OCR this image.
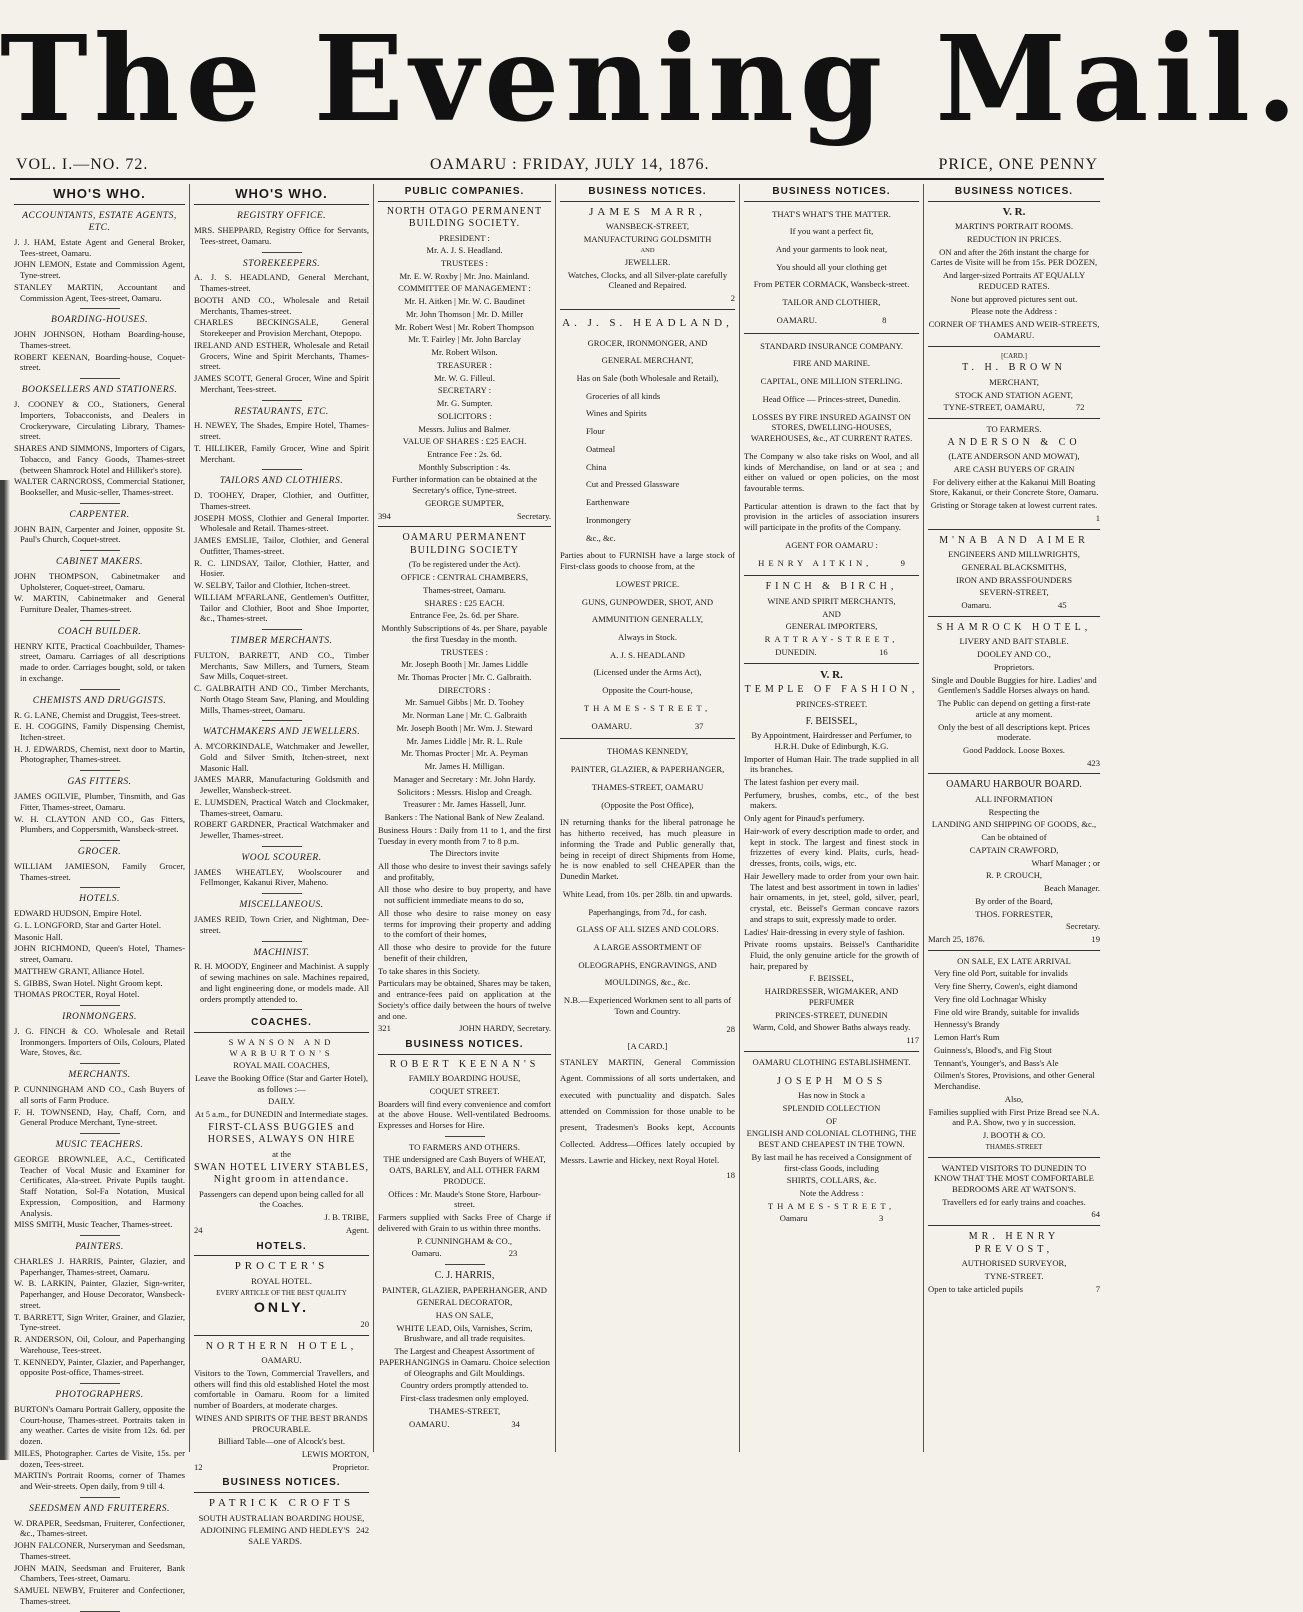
The Evening Mail.
VOL. I.—NO. 72.	OAMARU : FRIDAY, JULY 14, 1876.	PRICE, ONE PENNY
WHO'S WHO.
ACCOUNTANTS, ESTATE AGENTS, ETC.
J. J. HAM, Estate Agent and General Broker, Tees-street, Oamaru.
JOHN LEMON, Estate and Commission Agent, Tyne-street.
STANLEY MARTIN, Accountant and Commission Agent, Tees-street, Oamaru.
BOARDING-HOUSES.
JOHN JOHNSON, Hotham Boarding-house, Thames-street.
ROBERT KEENAN, Boarding-house, Coquet-street.
BOOKSELLERS AND STATIONERS.
J. COONEY & CO., Stationers, General Importers, Tobacconists, and Dealers in Crockeryware, Circulating Library, Thames-street.
SHARES AND SIMMONS, Importers of Cigars, Tobacco, and Fancy Goods, Thames-street (between Shamrock Hotel and Hilliker's store).
WALTER CARNCROSS, Commercial Stationer, Bookseller, and Music-seller, Thames-street.
CARPENTER.
JOHN BAIN, Carpenter and Joiner, opposite St. Paul's Church, Coquet-street.
CABINET MAKERS.
JOHN THOMPSON, Cabinetmaker and Upholsterer, Coquet-street, Oamaru.
W. MARTIN, Cabinetmaker and General Furniture Dealer, Thames-street.
COACH BUILDER.
HENRY KITE, Practical Coachbuilder, Thames-street, Oamaru. Carriages of all descriptions made to order. Carriages bought, sold, or taken in exchange.
CHEMISTS AND DRUGGISTS.
R. G. LANE, Chemist and Druggist, Tees-street.
E. H. COGGINS, Family Dispensing Chemist, Itchen-street.
H. J. EDWARDS, Chemist, next door to Martin, Photographer, Thames-street.
GAS FITTERS.
JAMES OGILVIE, Plumber, Tinsmith, and Gas Fitter, Thames-street, Oamaru.
W. H. CLAYTON AND CO., Gas Fitters, Plumbers, and Coppersmith, Wansbeck-street.
GROCER.
WILLIAM JAMIESON, Family Grocer, Thames-street.
HOTELS.
EDWARD HUDSON, Empire Hotel.
G. L. LONGFORD, Star and Garter Hotel.
Masonic Hall.
JOHN RICHMOND, Queen's Hotel, Thames-street, Oamaru.
MATTHEW GRANT, Alliance Hotel.
S. GIBBS, Swan Hotel. Night Groom kept.
THOMAS PROCTER, Royal Hotel.
IRONMONGERS.
J. G. FINCH & CO. Wholesale and Retail Ironmongers. Importers of Oils, Colours, Plated Ware, Stoves, &c.
MERCHANTS.
P. CUNNINGHAM AND CO., Cash Buyers of all sorts of Farm Produce.
F. H. TOWNSEND, Hay, Chaff, Corn, and General Produce Merchant, Tyne-street.
MUSIC TEACHERS.
GEORGE BROWNLEE, A.C., Certificated Teacher of Vocal Music and Examiner for Certificates, Ala-street. Private Pupils taught. Staff Notation, Sol-Fa Notation, Musical Expression, Composition, and Harmony Analysis.
MISS SMITH, Music Teacher, Thames-street.
PAINTERS.
CHARLES J. HARRIS, Painter, Glazier, and Paperhanger, Thames-street, Oamaru.
W. B. LARKIN, Painter, Glazier, Sign-writer, Paperhanger, and House Decorator, Wansbeck-street.
T. BARRETT, Sign Writer, Grainer, and Glazier, Tyne-street.
R. ANDERSON, Oil, Colour, and Paperhanging Warehouse, Tees-street.
T. KENNEDY, Painter, Glazier, and Paperhanger, opposite Post-office, Thames-street.
PHOTOGRAPHERS.
BURTON's Oamaru Portrait Gallery, opposite the Court-house, Thames-street. Portraits taken in any weather. Cartes de visite from 12s. 6d. per dozen.
MILES, Photographer. Cartes de Visite, 15s. per dozen, Tees-street.
MARTIN's Portrait Rooms, corner of Thames and Weir-streets. Open daily, from 9 till 4.
SEEDSMEN AND FRUITERERS.
W. DRAPER, Seedsman, Fruiterer, Confectioner, &c., Thames-street.
JOHN FALCONER, Nurseryman and Seedsman, Thames-street.
JOHN MAIN, Seedsman and Fruiterer, Bank Chambers, Tees-street, Oamaru.
SAMUEL NEWBY, Fruiterer and Confectioner, Thames-street.
WHO'S WHO.
REGISTRY OFFICE.
MRS. SHEPPARD, Registry Office for Servants, Tees-street, Oamaru.
STOREKEEPERS.
A. J. S. HEADLAND, General Merchant, Thames-street.
BOOTH AND CO., Wholesale and Retail Merchants, Thames-street.
CHARLES BECKINGSALE, General Storekeeper and Provision Merchant, Otepopo.
IRELAND AND ESTHER, Wholesale and Retail Grocers, Wine and Spirit Merchants, Thames-street.
JAMES SCOTT, General Grocer, Wine and Spirit Merchant, Tees-street.
RESTAURANTS, ETC.
H. NEWEY, The Shades, Empire Hotel, Thames-street.
T. HILLIKER, Family Grocer, Wine and Spirit Merchant.
TAILORS AND CLOTHIERS.
D. TOOHEY, Draper, Clothier, and Outfitter, Thames-street.
JOSEPH MOSS, Clothier and General Importer. Wholesale and Retail. Thames-street.
JAMES EMSLIE, Tailor, Clothier, and General Outfitter, Thames-street.
R. C. LINDSAY, Tailor, Clothier, Hatter, and Hosier.
W. SELBY, Tailor and Clothier, Itchen-street.
WILLIAM M'FARLANE, Gentlemen's Outfitter, Tailor and Clothier, Boot and Shoe Importer, &c., Thames-street.
TIMBER MERCHANTS.
FULTON, BARRETT, AND CO., Timber Merchants, Saw Millers, and Turners, Steam Saw Mills, Coquet-street.
C. GALBRAITH AND CO., Timber Merchants, North Otago Steam Saw, Planing, and Moulding Mills, Thames-street, Oamaru.
WATCHMAKERS AND JEWELLERS.
A. M'CORKINDALE, Watchmaker and Jeweller, Gold and Silver Smith, Itchen-street, next Masonic Hall.
JAMES MARR, Manufacturing Goldsmith and Jeweller, Wansbeck-street.
E. LUMSDEN, Practical Watch and Clockmaker, Thames-street, Oamaru.
ROBERT GARDNER, Practical Watchmaker and Jeweller, Thames-street.
WOOL SCOURER.
JAMES WHEATLEY, Woolscourer and Fellmonger, Kakanui River, Maheno.
MISCELLANEOUS.
JAMES REID, Town Crier, and Nightman, Dee-street.
MACHINIST.
R. H. MOODY, Engineer and Machinist. A supply of sewing machines on sale. Machines repaired, and light engineering done, or models made. All orders promptly attended to.
COACHES.

SWANSON AND WARBURTON'S

ROYAL MAIL COACHES,

Leave the Booking Office (Star and Garter Hotel), as follows :—

DAILY.

At 5 a.m., for DUNEDIN and Intermediate stages.

FIRST-CLASS BUGGIES and HORSES, ALWAYS ON HIRE

at the

SWAN HOTEL LIVERY STABLES, Night groom in attendance.

Passengers can depend upon being called for all the Coaches.

J. B. TRIBE,

24	Agent.

HOTELS.

PROCTER'S

ROYAL HOTEL.

EVERY ARTICLE OF THE BEST QUALITY

ONLY.

20

NORTHERN HOTEL,

OAMARU.

Visitors to the Town, Commercial Travellers, and others will find this old established Hotel the most comfortable in Oamaru. Room for a limited number of Boarders, at moderate charges.

WINES AND SPIRITS OF THE BEST BRANDS PROCURABLE.

Billiard Table—one of Alcock's best.

LEWIS MORTON,

12	Proprietor.

BUSINESS NOTICES.

PATRICK CROFTS

SOUTH AUSTRALIAN BOARDING HOUSE,

ADJOINING FLEMING AND HEDLEY'S SALE YARDS.
242

PUBLIC COMPANIES.

NORTH OTAGO PERMANENT BUILDING SOCIETY.

PRESIDENT :

Mr. A. J. S. Headland.

TRUSTEES :

Mr. E. W. Roxby | Mr. Jno. Mainland.

COMMITTEE OF MANAGEMENT :

Mr. H. Aitken | Mr. W. C. Baudinet

Mr. John Thomson | Mr. D. Miller

Mr. Robert West | Mr. Robert Thompson

Mr. T. Fairley | Mr. John Barclay

Mr. Robert Wilson.

TREASURER :

Mr. W. G. Filleul.

SECRETARY :

Mr. G. Sumpter.

SOLICITORS :

Messrs. Julius and Balmer.

VALUE OF SHARES : £25 EACH.

Entrance Fee : 2s. 6d.

Monthly Subscription : 4s.

Further information can be obtained at the Secretary's office, Tyne-street.

GEORGE SUMPTER,

394	Secretary.

OAMARU PERMANENT BUILDING SOCIETY

(To be registered under the Act).

OFFICE : CENTRAL CHAMBERS,

Thames-street, Oamaru.

SHARES : £25 EACH.

Entrance Fee, 2s. 6d. per Share.

Monthly Subscriptions of 4s. per Share, payable the first Tuesday in the month.

TRUSTEES :

Mr. Joseph Booth | Mr. James Liddle

Mr. Thomas Procter | Mr. C. Galbraith.

DIRECTORS :

Mr. Samuel Gibbs | Mr. D. Toohey

Mr. Norman Lane | Mr. C. Galbraith

Mr. Joseph Booth | Mr. Wm. J. Steward

Mr. James Liddle | Mr. R. L. Rule

Mr. Thomas Procter | Mr. A. Peyman

Mr. James H. Milligan.

Manager and Secretary : Mr. John Hardy.

Solicitors : Messrs. Hislop and Creagh.

Treasurer : Mr. James Hassell, Junr.

Bankers : The National Bank of New Zealand.

Business Hours : Daily from 11 to 1, and the first Tuesday in every month from 7 to 8 p.m.

The Directors invite

All those who desire to invest their savings safely and profitably,

All those who desire to buy property, and have not sufficient immediate means to do so,

All those who desire to raise money on easy terms for improving their property and adding to the comfort of their homes,

All those who desire to provide for the future benefit of their children,

To take shares in this Society.

Particulars may be obtained, Shares may be taken, and entrance-fees paid on application at the Society's office daily between the hours of twelve and one.

321	JOHN HARDY, Secretary.

BUSINESS NOTICES.

ROBERT KEENAN'S

FAMILY BOARDING HOUSE,

COQUET STREET.

Boarders will find every convenience and comfort at the above House. Well-ventilated Bedrooms. Expresses and Horses for Hire.

TO FARMERS AND OTHERS.

THE undersigned are Cash Buyers of WHEAT, OATS, BARLEY, and ALL OTHER FARM PRODUCE.

Offices : Mr. Maude's Stone Store, Harbour-street.

Farmers supplied with Sacks Free of Charge if delivered with Grain to us within three months.

P. CUNNINGHAM & CO.,

Oamaru.	23

C. J. HARRIS,

PAINTER, GLAZIER, PAPERHANGER, AND

GENERAL DECORATOR,

HAS ON SALE,

WHITE LEAD, Oils, Varnishes, Scrim, Brushware, and all trade requisites.

The Largest and Cheapest Assortment of PAPERHANGINGS in Oamaru. Choice selection of Oleographs and Gilt Mouldings.

Country orders promptly attended to.

First-class tradesmen only employed.

THAMES-STREET,

OAMARU.	34

BUSINESS NOTICES.

JAMES MARR,

WANSBECK-STREET,

MANUFACTURING GOLDSMITH

AND

JEWELLER.

Watches, Clocks, and all Silver-plate carefully Cleaned and Repaired.

2

A. J. S. HEADLAND,

GROCER, IRONMONGER, AND

GENERAL MERCHANT,

Has on Sale (both Wholesale and Retail),

Groceries of all kinds

Wines and Spirits

Flour

Oatmeal

China

Cut and Pressed Glassware

Earthenware

Ironmongery

&c., &c.

Parties about to FURNISH have a large stock of First-class goods to choose from, at the

LOWEST PRICE.

GUNS, GUNPOWDER, SHOT, AND

AMMUNITION GENERALLY,

Always in Stock.

A. J. S. HEADLAND

(Licensed under the Arms Act),

Opposite the Court-house,

THAMES-STREET,

OAMARU.	37

THOMAS KENNEDY,

PAINTER, GLAZIER, & PAPERHANGER,

THAMES-STREET, OAMARU

(Opposite the Post Office),

IN returning thanks for the liberal patronage he has hitherto received, has much pleasure in informing the Trade and Public generally that, being in receipt of direct Shipments from Home, he is now enabled to sell CHEAPER than the Dunedin Market.

White Lead, from 10s. per 28lb. tin and upwards.

Paperhangings, from 7d., for cash.

GLASS OF ALL SIZES AND COLORS.

A LARGE ASSORTMENT OF

OLEOGRAPHS, ENGRAVINGS, AND

MOULDINGS, &c., &c.

N.B.—Experienced Workmen sent to all parts of Town and Country.

28

[A CARD.]

STANLEY MARTIN, General Commission Agent. Commissions of all sorts undertaken, and executed with punctuality and dispatch. Sales attended on Commission for those unable to be present, Tradesmen's Books kept, Accounts Collected. Address—Offices lately occupied by Messrs. Lawrie and Hickey, next Royal Hotel.

18

BUSINESS NOTICES.

THAT'S WHAT'S THE MATTER.

If you want a perfect fit,

And your garments to look neat,

You should all your clothing get

From PETER CORMACK, Wansbeck-street.

TAILOR AND CLOTHIER,

OAMARU.	8

STANDARD INSURANCE COMPANY.

FIRE AND MARINE.

CAPITAL, ONE MILLION STERLING.

Head Office — Princes-street, Dunedin.

LOSSES BY FIRE INSURED AGAINST ON STORES, DWELLING-HOUSES, WAREHOUSES, &c., AT CURRENT RATES.

The Company w also take risks on Wool, and all kinds of Merchandise, on land or at sea ; and either on valued or open policies, on the most favourable terms.

Particular attention is drawn to the fact that by provision in the articles of association insurers will participate in the profits of the Company.

AGENT FOR OAMARU :

HENRY AITKIN,	9

FINCH & BIRCH,

WINE AND SPIRIT MERCHANTS,

AND

GENERAL IMPORTERS,

RATTRAY-STREET,

DUNEDIN.	16

V. R.

TEMPLE OF FASHION,

PRINCES-STREET.

F. BEISSEL,

By Appointment, Hairdresser and Perfumer, to H.R.H. Duke of Edinburgh, K.G.

Importer of Human Hair. The trade supplied in all its branches.

The latest fashion per every mail.

Perfumery, brushes, combs, etc., of the best makers.

Only agent for Pinaud's perfumery.

Hair-work of every description made to order, and kept in stock. The largest and finest stock in frizzettes of every kind. Plaits, curls, head-dresses, fronts, coils, wigs, etc.

Hair Jewellery made to order from your own hair. The latest and best assortment in town in ladies' hair ornaments, in jet, steel, gold, silver, pearl, crystal, etc. Beissel's German concave razors and straps to suit, expressly made to order.

Ladies' Hair-dressing in every style of fashion.

Private rooms upstairs. Beissel's Cantharidite Fluid, the only genuine article for the growth of hair, prepared by

F. BEISSEL,

HAIRDRESSER, WIGMAKER, AND PERFUMER

PRINCES-STREET, DUNEDIN

Warm, Cold, and Shower Baths always ready.

117

OAMARU CLOTHING ESTABLISHMENT.

JOSEPH MOSS

Has now in Stock a

SPLENDID COLLECTION

OF

ENGLISH AND COLONIAL CLOTHING, THE BEST AND CHEAPEST IN THE TOWN.

By last mail he has received a Consignment of first-class Goods, including

SHIRTS, COLLARS, &c.

Note the Address :

THAMES-STREET,

Oamaru	3

BUSINESS NOTICES.

V. R.

MARTIN'S PORTRAIT ROOMS.

REDUCTION IN PRICES.

ON and after the 26th instant the charge for Cartes de Visite will be from 15s. PER DOZEN,

And larger-sized Portraits AT EQUALLY REDUCED RATES.

None but approved pictures sent out.

Please note the Address :

CORNER OF THAMES AND WEIR-STREETS, OAMARU.

[CARD.]

T. H. BROWN

MERCHANT,

STOCK AND STATION AGENT,

TYNE-STREET, OAMARU,	72

TO FARMERS.

ANDERSON & CO

(LATE ANDERSON AND MOWAT),

ARE CASH BUYERS OF GRAIN

For delivery either at the Kakanui Mill Boating Store, Kakanui, or their Concrete Store, Oamaru.

Gristing or Storage taken at lowest current rates.

1

M'NAB AND AIMER

ENGINEERS AND MILLWRIGHTS,

GENERAL BLACKSMITHS,

IRON AND BRASSFOUNDERS

SEVERN-STREET,

Oamaru.	45

SHAMROCK HOTEL,

LIVERY AND BAIT STABLE.

DOOLEY AND CO.,

Proprietors.

Single and Double Buggies for hire. Ladies' and Gentlemen's Saddle Horses always on hand.

The Public can depend on getting a first-rate article at any moment.

Only the best of all descriptions kept. Prices moderate.

Good Paddock. Loose Boxes.

423

OAMARU HARBOUR BOARD.

ALL INFORMATION

Respecting the

LANDING AND SHIPPING OF GOODS, &c.,

Can be obtained of

CAPTAIN CRAWFORD,

Wharf Manager ; or

R. P. CROUCH,

Beach Manager.

By order of the Board,

THOS. FORRESTER,

Secretary.

March 25, 1876.	19

ON SALE, EX LATE ARRIVAL

Very fine old Port, suitable for invalids

Very fine Sherry, Cowen's, eight diamond

Very fine old Lochnagar Whisky

Fine old wire Brandy, suitable for invalids

Hennessy's Brandy

Lemon Hart's Rum

Guinness's, Blood's, and Fig Stout

Tennant's, Younger's, and Bass's Ale

Oilmen's Stores, Provisions, and other General Merchandise.

Also,

Families supplied with First Prize Bread see N.A. and P.A. Show, two y in succession.

J. BOOTH & CO.

THAMES-STREET

WANTED VISITORS TO DUNEDIN TO KNOW THAT THE MOST COMFORTABLE BEDROOMS ARE AT WATSON'S.

Travellers ed for early trains and coaches.

64

MR. HENRY PREVOST,

AUTHORISED SURVEYOR,

TYNE-STREET.

Open to take articled pupils	7
